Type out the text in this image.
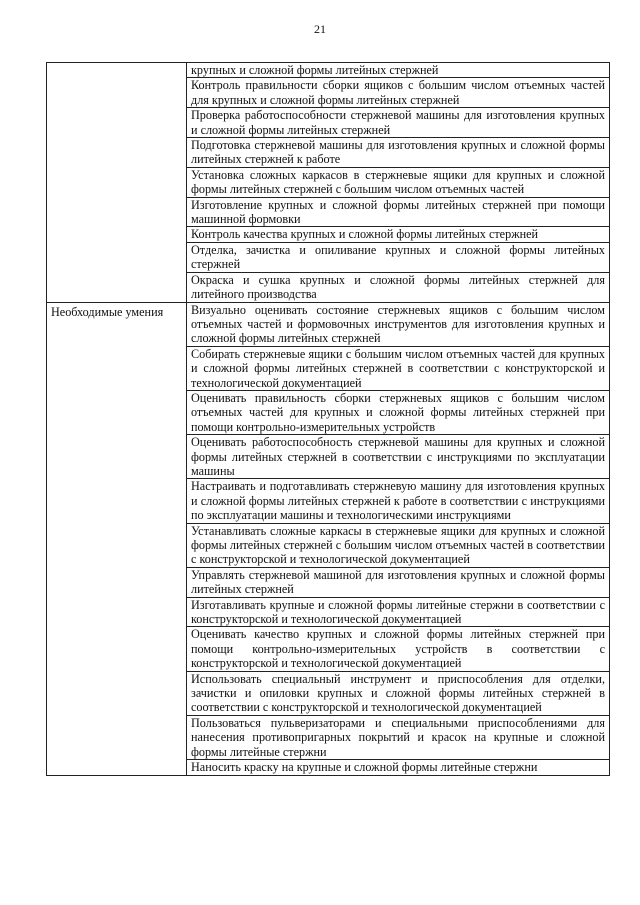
21
	крупных и сложной формы литейных стержней
	Контроль правильности сборки ящиков с большим числом отъемных частей для крупных и сложной формы литейных стержней
	Проверка работоспособности стержневой машины для изготовления крупных и сложной формы литейных стержней
	Подготовка стержневой машины для изготовления крупных и сложной формы литейных стержней к работе
	Установка сложных каркасов в стержневые ящики для крупных и сложной формы литейных стержней с большим числом отъемных частей
	Изготовление крупных и сложной формы литейных стержней при помощи машинной формовки
	Контроль качества крупных и сложной формы литейных стержней
	Отделка, зачистка и опиливание крупных и сложной формы литейных стержней
	Окраска и сушка крупных и сложной формы литейных стержней для литейного производства
Необходимые умения	Визуально оценивать состояние стержневых ящиков с большим числом отъемных частей и формовочных инструментов для изготовления крупных и сложной формы литейных стержней
	Собирать стержневые ящики с большим числом отъемных частей для крупных и сложной формы литейных стержней в соответствии с конструкторской и технологической документацией
	Оценивать правильность сборки стержневых ящиков с большим числом отъемных частей для крупных и сложной формы литейных стержней при помощи контрольно-измерительных устройств
	Оценивать работоспособность стержневой машины для крупных и сложной формы литейных стержней в соответствии с инструкциями по эксплуатации машины
	Настраивать и подготавливать стержневую машину для изготовления крупных и сложной формы литейных стержней к работе в соответствии с инструкциями по эксплуатации машины и технологическими инструкциями
	Устанавливать сложные каркасы в стержневые ящики для крупных и сложной формы литейных стержней с большим числом отъемных частей в соответствии с конструкторской и технологической документацией
	Управлять стержневой машиной для изготовления крупных и сложной формы литейных стержней
	Изготавливать крупные и сложной формы литейные стержни в соответствии с конструкторской и технологической документацией
	Оценивать качество крупных и сложной формы литейных стержней при помощи контрольно-измерительных устройств в соответствии с конструкторской и технологической документацией
	Использовать специальный инструмент и приспособления для отделки, зачистки и опиловки крупных и сложной формы литейных стержней в соответствии с конструкторской и технологической документацией
	Пользоваться пульверизаторами и специальными приспособлениями для нанесения противопригарных покрытий и красок на крупные и сложной формы литейные стержни
	Наносить краску на крупные и сложной формы литейные стержни
